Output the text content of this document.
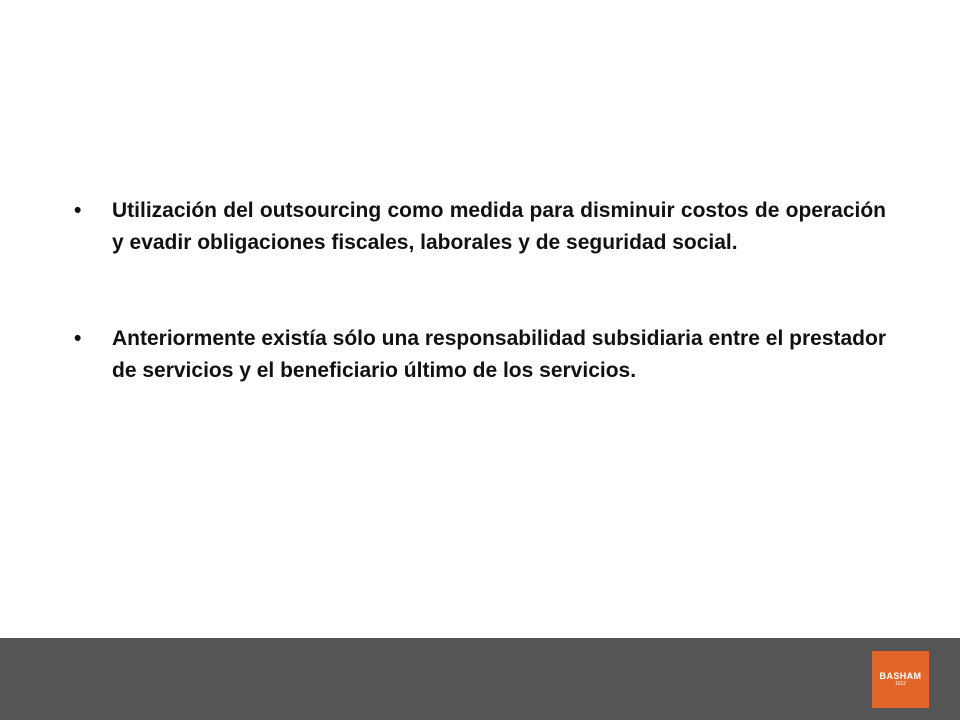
•	Utilización del outsourcing como medida para disminuir costos de operación y evadir obligaciones fiscales, laborales y de seguridad social.
•	Anteriormente existía sólo una responsabilidad subsidiaria entre el prestador de servicios y el beneficiario último de los servicios.
BASHAM
1912
